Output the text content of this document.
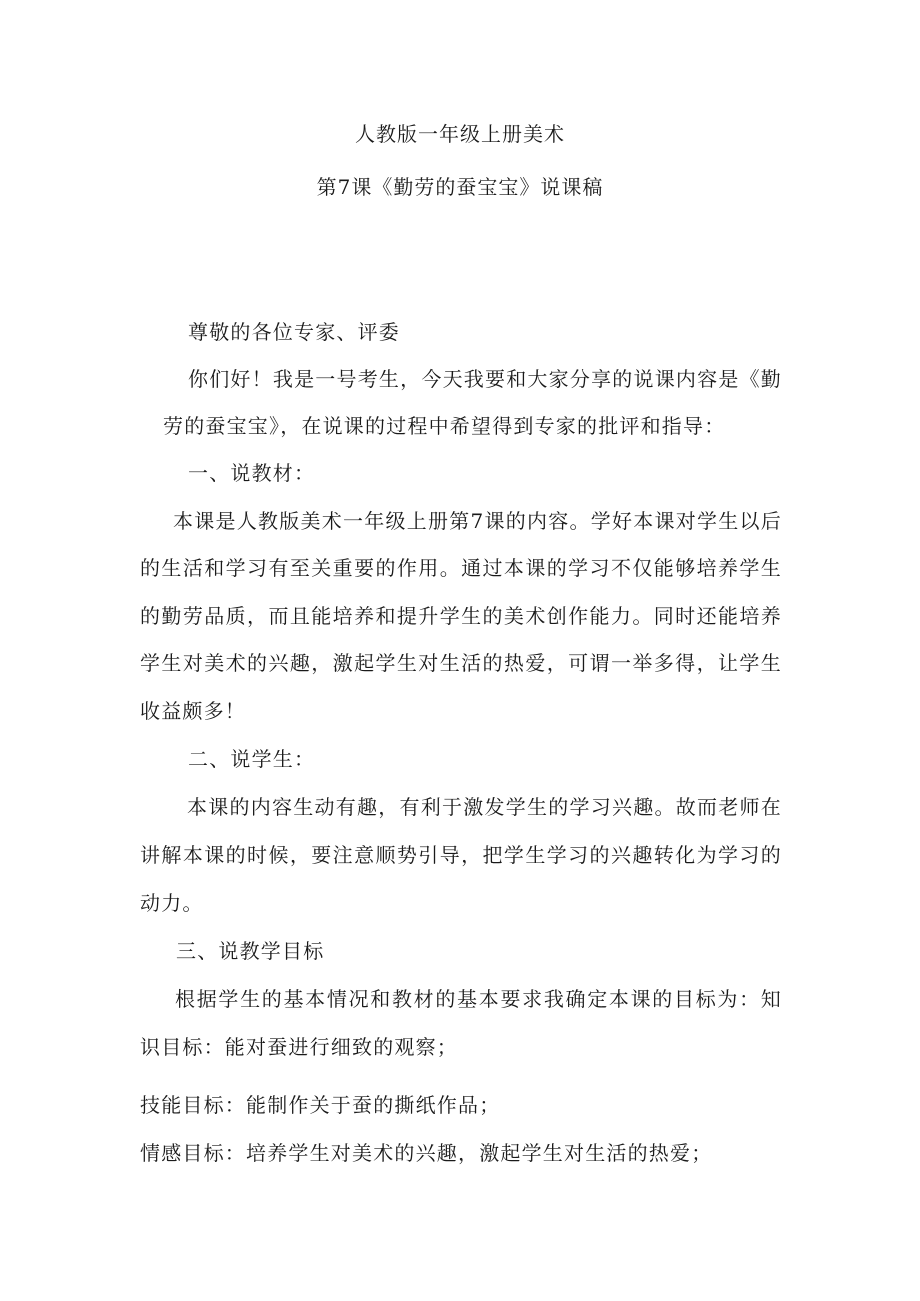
人教版一年级上册美术
第7课《勤劳的蚕宝宝》说课稿
尊敬的各位专家、评委
你们好！我是一号考生，今天我要和大家分享的说课内容是《勤
劳的蚕宝宝》，在说课的过程中希望得到专家的批评和指导：
一、说教材：
本课是人教版美术一年级上册第7课的内容。学好本课对学生以后
的生活和学习有至关重要的作用。通过本课的学习不仅能够培养学生
的勤劳品质，而且能培养和提升学生的美术创作能力。同时还能培养
学生对美术的兴趣，激起学生对生活的热爱，可谓一举多得，让学生
收益颇多！
二、说学生：
本课的内容生动有趣，有利于激发学生的学习兴趣。故而老师在
讲解本课的时候，要注意顺势引导，把学生学习的兴趣转化为学习的
动力。
三、说教学目标
根据学生的基本情况和教材的基本要求我确定本课的目标为：知
识目标：能对蚕进行细致的观察；
技能目标：能制作关于蚕的撕纸作品；
情感目标：培养学生对美术的兴趣，激起学生对生活的热爱；
